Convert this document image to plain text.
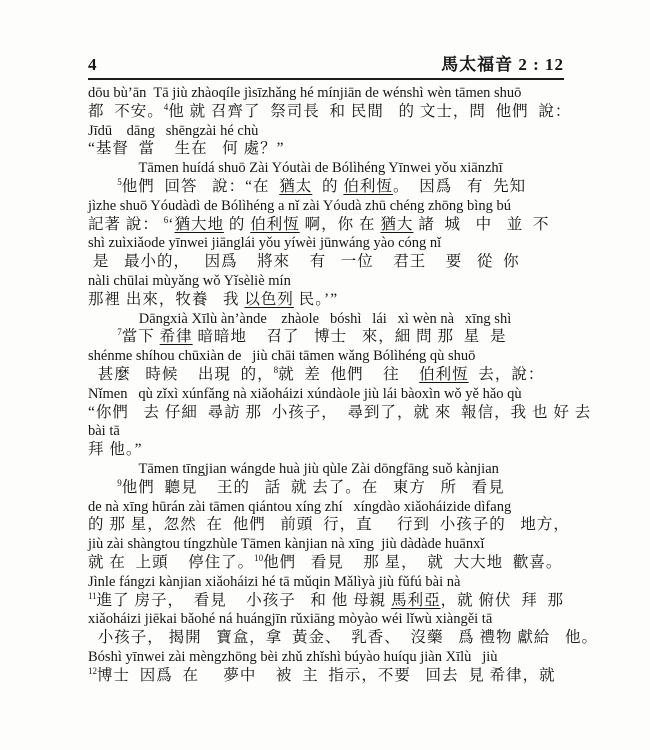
4	馬太福音 2 : 12
dōu bù’ān  Tā jiù zhàoqíle jìsīzhǎng hé mínjiān de wénshì wèn tāmen shuō
都  不安。$^4$他 就 召齊了  祭司長  和 民間   的 文士，問  他們  說：
Jīdū    dāng   shēngzài hé chù
“基督  當    生在   何 處？”
Tāmen huídá shuō Zài Yóutài de Bólìhéng Yīnwei yǒu xiānzhī
$^5$他們  回答   說：“在  猶太  的 伯利恆。  因爲   有  先知
jìzhe shuō Yóudàdì de Bólìhéng a nǐ zài Yóudà zhū chéng zhōng bìng bú
記著 說： $^6$‘猶大地 的 伯利恆 啊，你 在 猶大 諸  城   中   並  不
shì zuìxiǎode yīnwei jiānglái yǒu yíwèi jūnwáng yào cóng nǐ
是   最小的，   因爲    將來    有   一位    君王    要   從  你
nàli chūlai mùyǎng wǒ Yǐsèliè mín
那裡 出來，牧養   我 以色列 民。’”
Dāngxià Xīlù àn’ànde    zhàole   bóshì   lái   xì wèn nà   xīng shì
$^7$當下 希律 暗暗地    召了   博士   來，細 問 那  星  是
shénme shíhou chūxiàn de   jiù chāi tāmen wǎng Bólìhéng qù shuō
甚麼   時候    出現  的，$^8$就  差  他們    往    伯利恆  去，說：
Nǐmen   qù zǐxì xúnfǎng nà xiǎoháizi xúndàole jiù lái bàoxìn wǒ yě hǎo qù
“你們   去 仔細  尋訪 那  小孩子，  尋到了，就 來  報信，我 也 好 去
bài tā
拜 他。”
Tāmen tīngjian wángde huà jiù qùle Zài dōngfāng suǒ kànjian
$^9$他們  聽見    王的   話  就 去了。在   東方   所   看見
de nà xīng hūrán zài tāmen qiántou xíng zhí   xíngdào xiǎoháizide dìfang
的 那 星，忽然  在  他們   前頭  行，直     行到  小孩子的   地方，
jiù zài shàngtou tíngzhùle Tāmen kànjian nà xīng  jiù dàdàde huānxǐ
就 在  上頭    停住了。$^{10}$他們   看見    那 星，  就  大大地  歡喜。
Jìnle fángzi kànjian xiǎoháizi hé tā mǔqin Mǎlìyà jiù fǔfú bài nà
$^{11}$進了 房子，  看見    小孩子   和 他 母親 馬利亞，就 俯伏  拜  那
xiǎoháizi jiēkai bǎohé ná huángjīn rǔxiāng mòyào wéi lǐwù xiàngěi tā
小孩子， 揭開   寶盒，拿  黃金、  乳香、  沒藥   爲 禮物 獻給   他。
Bóshì yīnwei zài mèngzhōng bèi zhǔ zhǐshì búyào huíqu jiàn Xīlù   jiù
$^{12}$博士  因爲  在     夢中    被  主  指示，不要   回去  見 希律，就
